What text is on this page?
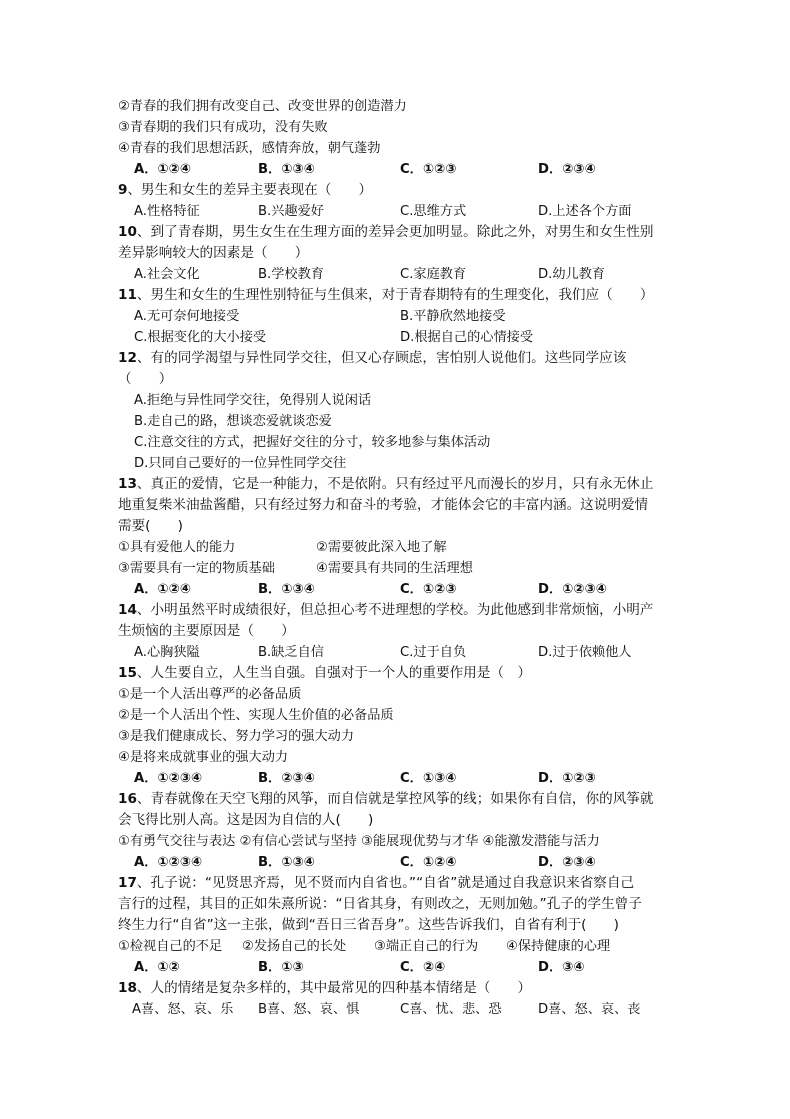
②青春的我们拥有改变自己、改变世界的创造潜力
③青春期的我们只有成功，没有失败
④青春的我们思想活跃，感情奔放，朝气蓬勃
A．①②④	B．①③④	C．①②③	D．②③④
9、男生和女生的差异主要表现在（　　）
A.性格特征	B.兴趣爱好	C.思维方式	D.上述各个方面
10、到了青春期，男生女生在生理方面的差异会更加明显。除此之外，对男生和女生性别
差异影响较大的因素是（　　）
A.社会文化	B.学校教育	C.家庭教育	D.幼儿教育
11、男生和女生的生理性别特征与生俱来，对于青春期特有的生理变化，我们应（　　）
A.无可奈何地接受	B.平静欣然地接受
C.根据变化的大小接受	D.根据自己的心情接受
12、有的同学渴望与异性同学交往，但又心存顾虑，害怕别人说他们。这些同学应该
（　　）
A.拒绝与异性同学交往，免得别人说闲话
B.走自己的路，想谈恋爱就谈恋爱
C.注意交往的方式，把握好交往的分寸，较多地参与集体活动
D.只同自己要好的一位异性同学交往
13、真正的爱情，它是一种能力，不是依附。只有经过平凡而漫长的岁月，只有永无休止
地重复柴米油盐酱醋，只有经过努力和奋斗的考验，才能体会它的丰富内涵。这说明爱情
需要(　　)
①具有爱他人的能力	②需要彼此深入地了解
③需要具有一定的物质基础	④需要具有共同的生活理想
A．①②④	B．①③④	C．①②③	D．①②③④
14、小明虽然平时成绩很好，但总担心考不进理想的学校。为此他感到非常烦恼，小明产
生烦恼的主要原因是（　　）
A.心胸狭隘	B.缺乏自信	C.过于自负	D.过于依赖他人
15、人生要自立，人生当自强。自强对于一个人的重要作用是（　）
①是一个人活出尊严的必备品质
②是一个人活出个性、实现人生价值的必备品质
③是我们健康成长、努力学习的强大动力
④是将来成就事业的强大动力
A．①②③④	B．②③④	C．①③④	D．①②③
16、青春就像在天空飞翔的风筝，而自信就是掌控风筝的线；如果你有自信，你的风筝就
会飞得比别人高。这是因为自信的人(　　)
①有勇气交往与表达 ②有信心尝试与坚持 ③能展现优势与才华 ④能激发潜能与活力
A．①②③④	B．①③④	C．①②④	D．②③④
17、孔子说：“见贤思齐焉，见不贤而内自省也。”“自省”就是通过自我意识来省察自己
言行的过程，其目的正如朱熹所说：“日省其身，有则改之，无则加勉。”孔子的学生曾子
终生力行“自省”这一主张，做到“吾日三省吾身”。这些告诉我们，自省有利于(　　)
①检视自己的不足 ②发扬自己的长处 ③端正自己的行为 ④保持健康的心理
A．①②	B．①③	C．②④	D．③④
18、人的情绪是复杂多样的，其中最常见的四种基本情绪是（　　）
A喜、怒、哀、乐 B喜、怒、哀、惧	C喜、忧、悲、恐	D喜、怒、哀、丧
